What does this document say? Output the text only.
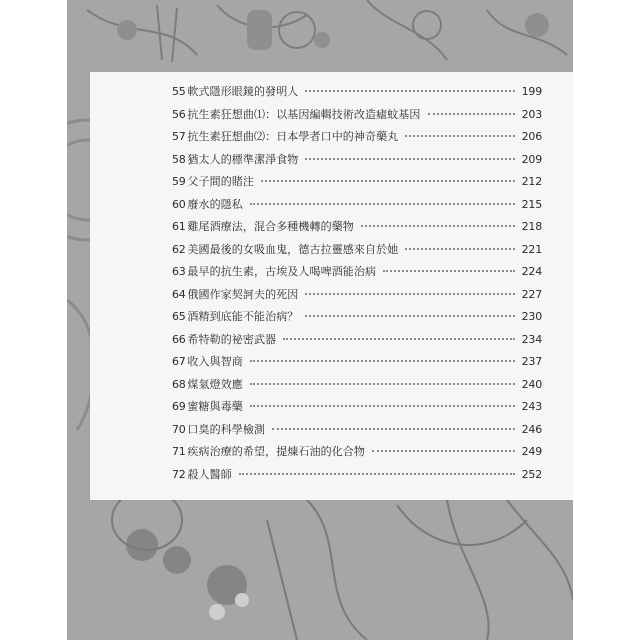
55 軟式隱形眼鏡的發明人	199
56 抗生素狂想曲⑴：以基因編輯技術改造瘧蚊基因	203
57 抗生素狂想曲⑵：日本學者口中的神奇藥丸	206
58 猶太人的標準潔淨食物	209
59 父子間的賭注	212
60 廢水的隱私	215
61 雞尾酒療法，混合多種機轉的藥物	218
62 美國最後的女吸血鬼，德古拉靈感來自於她	221
63 最早的抗生素，古埃及人喝啤酒能治病	224
64 俄國作家契訶夫的死因	227
65 酒精到底能不能治病？	230
66 希特勒的祕密武器	234
67 收入與智商	237
68 煤氣燈效應	240
69 蜜糖與毒藥	243
70 口臭的科學檢測	246
71 疾病治療的希望，提煉石油的化合物	249
72 殺人醫師	252
